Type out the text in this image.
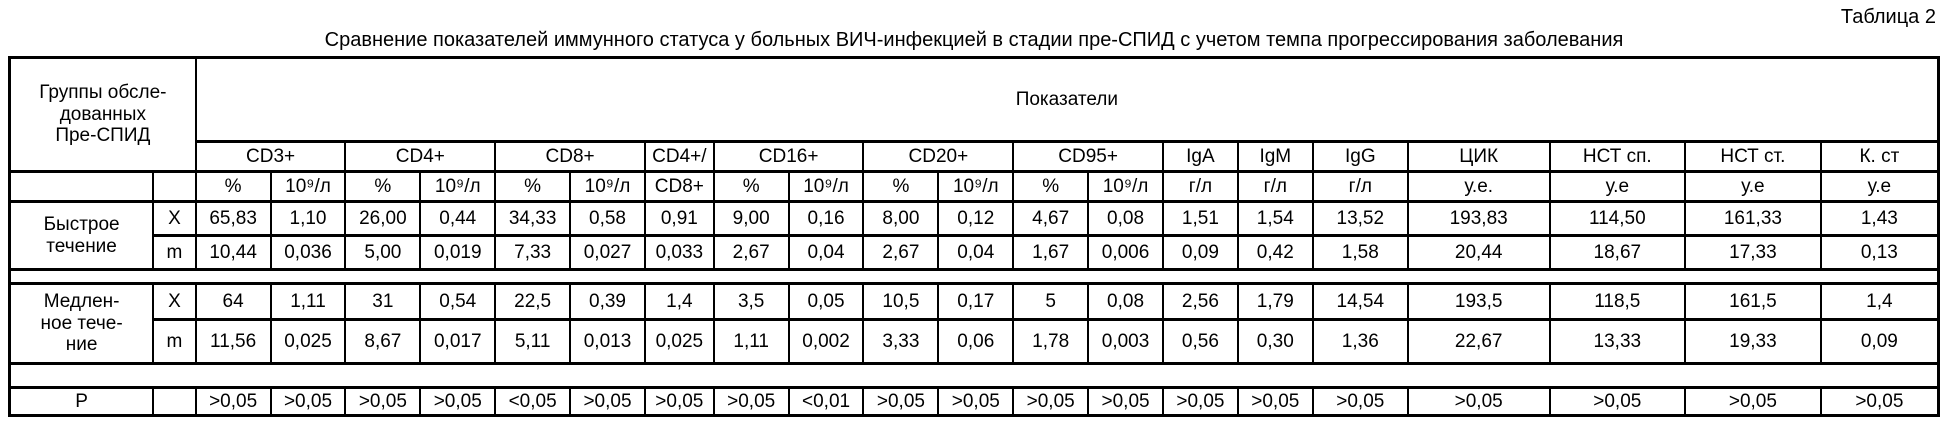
Таблица 2
Сравнение показателей иммунного статуса у больных ВИЧ-инфекцией в стадии пре-СПИД с учетом темпа прогрессирования заболевания
Группы обсле-
дованных
Пре-СПИД		Показатели																			
		CD3+		CD4+		CD8+		CD4+/	CD16+		CD20+		CD95+		IgA	IgM	IgG	ЦИК	НСТ сп.	НСТ ст.	К. ст
		%	10⁹/л	%	10⁹/л	%	10⁹/л	CD8+	%	10⁹/л	%	10⁹/л	%	10⁹/л	г/л	г/л	г/л	у.е.	у.е	у.е	у.е
Быстрое
течение	X	65,83	1,10	26,00	0,44	34,33	0,58	0,91	9,00	0,16	8,00	0,12	4,67	0,08	1,51	1,54	13,52	193,83	114,50	161,33	1,43
	m	10,44	0,036	5,00	0,019	7,33	0,027	0,033	2,67	0,04	2,67	0,04	1,67	0,006	0,09	0,42	1,58	20,44	18,67	17,33	0,13

Медлен-
ное тече-
ние	X	64	1,11	31	0,54	22,5	0,39	1,4	3,5	0,05	10,5	0,17	5	0,08	2,56	1,79	14,54	193,5	118,5	161,5	1,4
	m	11,56	0,025	8,67	0,017	5,11	0,013	0,025	1,11	0,002	3,33	0,06	1,78	0,003	0,56	0,30	1,36	22,67	13,33	19,33	0,09

Р		>0,05	>0,05	>0,05	>0,05	<0,05	>0,05	>0,05	>0,05	<0,01	>0,05	>0,05	>0,05	>0,05	>0,05	>0,05	>0,05	>0,05	>0,05	>0,05	>0,05
